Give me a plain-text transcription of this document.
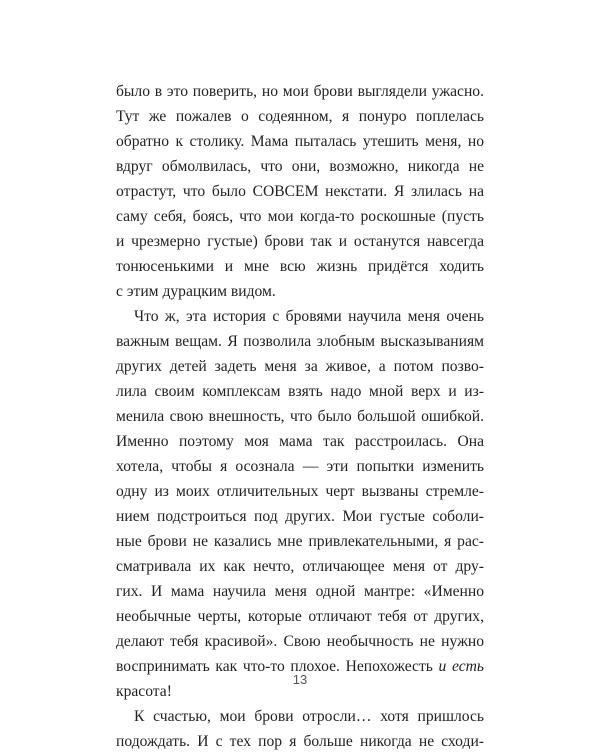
было в это поверить, но мои брови выглядели ужасно.
Тут же пожалев о содеянном, я понуро поплелась
обратно к столику. Мама пыталась утешить меня, но
вдруг обмолвилась, что они, возможно, никогда не
отрастут, что было СОВСЕМ некстати. Я злилась на
саму себя, боясь, что мои когда-то роскошные (пусть
и чрезмерно густые) брови так и останутся навсегда
тонюсенькими и мне всю жизнь придётся ходить
с этим дурацким видом.
Что ж, эта история с бровями научила меня очень
важным вещам. Я позволила злобным высказываниям
других детей задеть меня за живое, а потом позво-
лила своим комплексам взять надо мной верх и из-
менила свою внешность, что было большой ошибкой.
Именно поэтому моя мама так расстроилась. Она
хотела, чтобы я осознала — эти попытки изменить
одну из моих отличительных черт вызваны стремле-
нием подстроиться под других. Мои густые соболи-
ные брови не казались мне привлекательными, я рас-
сматривала их как нечто, отличающее меня от дру-
гих. И мама научила меня одной мантре: «Именно
необычные черты, которые отличают тебя от других,
делают тебя красивой». Свою необычность не нужно
воспринимать как что-то плохое. Непохожесть и есть
красота!
К счастью, мои брови отросли… хотя пришлось
подождать. И с тех пор я больше никогда не сходи-
13
